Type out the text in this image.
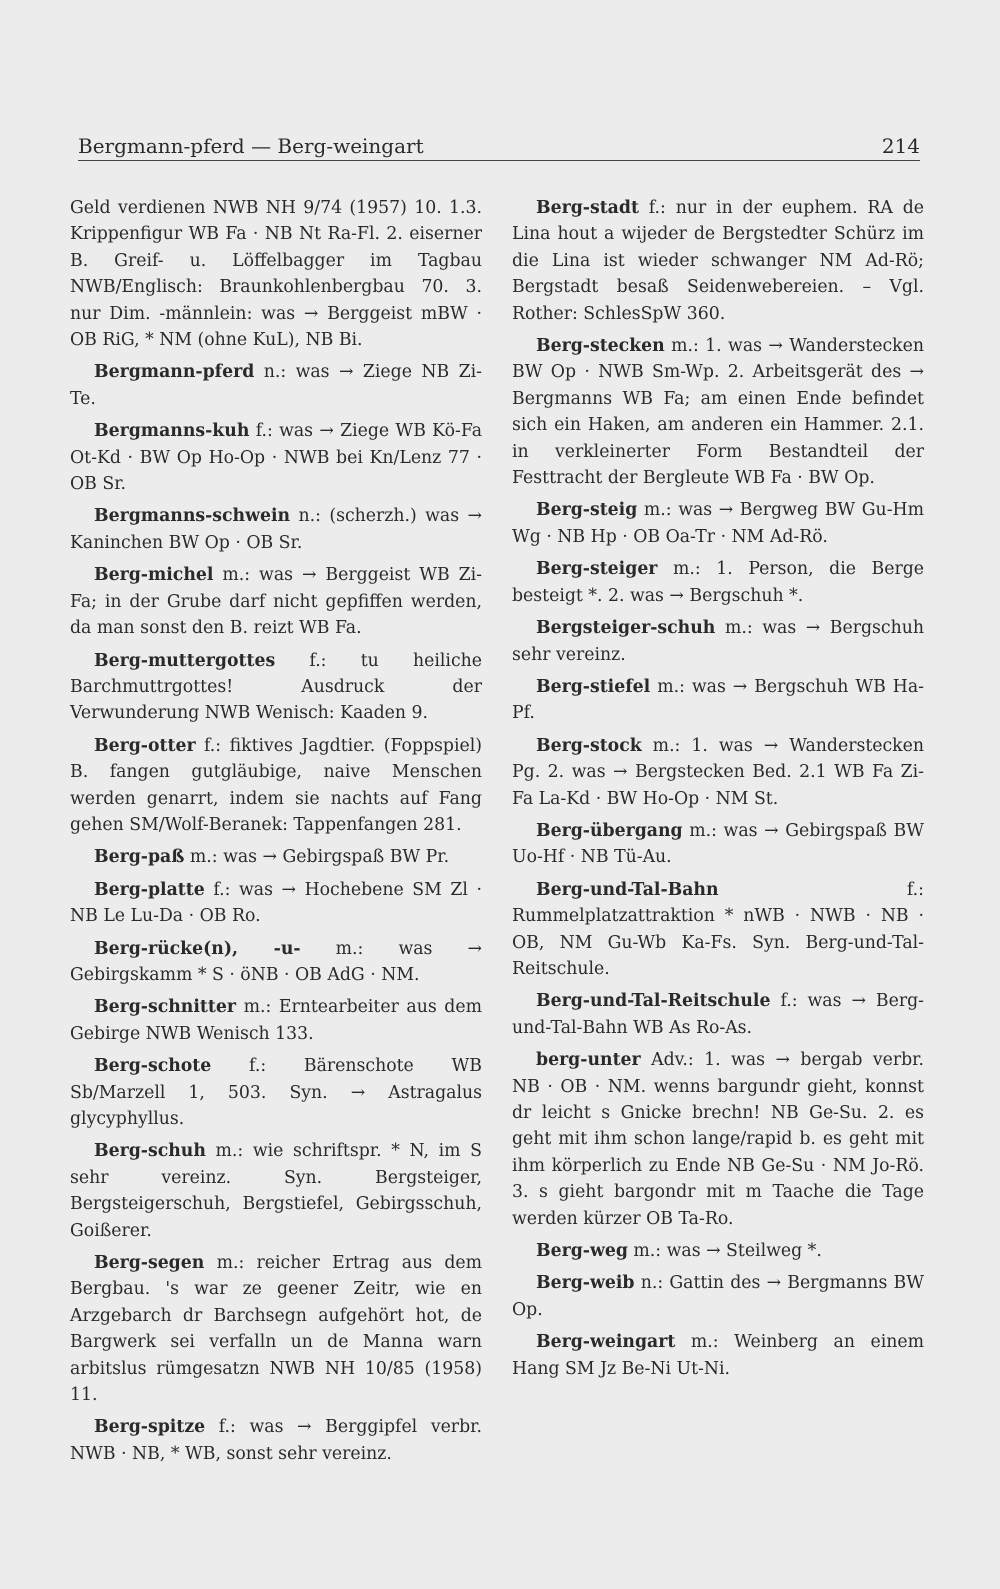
Bergmann-pferd — Berg-weingart	214

Geld verdienen NWB NH 9/74 (1957) 10. 1.3. Krippenfigur WB Fa · NB Nt Ra-Fl. 2. eiserner B. Greif- u. Löffelbagger im Tagbau NWB/Englisch: Braunkohlenbergbau 70. 3. nur Dim. -männlein: was → Berggeist mBW · OB RiG, * NM (ohne KuL), NB Bi.

Bergmann-pferd n.: was → Ziege NB Zi-Te.

Bergmanns-kuh f.: was → Ziege WB Kö-Fa Ot-Kd · BW Op Ho-Op · NWB bei Kn/Lenz 77 · OB Sr.

Bergmanns-schwein n.: (scherzh.) was → Kaninchen BW Op · OB Sr.

Berg-michel m.: was → Berggeist WB Zi-Fa; in der Grube darf nicht gepfiffen werden, da man sonst den B. reizt WB Fa.

Berg-muttergottes f.: tu heiliche Barchmuttrgottes! Ausdruck der Verwunderung NWB Wenisch: Kaaden 9.

Berg-otter f.: fiktives Jagdtier. (Foppspiel) B. fangen gutgläubige, naive Menschen werden genarrt, indem sie nachts auf Fang gehen SM/Wolf-Beranek: Tappenfangen 281.

Berg-paß m.: was → Gebirgspaß BW Pr.

Berg-platte f.: was → Hochebene SM Zl · NB Le Lu-Da · OB Ro.

Berg-rücke(n), -u- m.: was → Gebirgskamm * S · öNB · OB AdG · NM.

Berg-schnitter m.: Erntearbeiter aus dem Gebirge NWB Wenisch 133.

Berg-schote f.: Bärenschote WB Sb/Marzell 1, 503. Syn. → Astragalus glycyphyllus.

Berg-schuh m.: wie schriftspr. * N, im S sehr vereinz. Syn. Bergsteiger, Bergsteigerschuh, Bergstiefel, Gebirgsschuh, Goißerer.

Berg-segen m.: reicher Ertrag aus dem Bergbau. 's war ze geener Zeitr, wie en Arzgebarch dr Barchsegn aufgehört hot, de Bargwerk sei verfalln un de Manna warn arbitslus rümgesatzn NWB NH 10/85 (1958) 11.

Berg-spitze f.: was → Berggipfel verbr. NWB · NB, * WB, sonst sehr vereinz.

Berg-stadt f.: nur in der euphem. RA de Lina hout a wijeder de Bergstedter Schürz im die Lina ist wieder schwanger NM Ad-Rö; Bergstadt besaß Seidenwebereien. – Vgl. Rother: SchlesSpW 360.

Berg-stecken m.: 1. was → Wanderstecken BW Op · NWB Sm-Wp. 2. Arbeitsgerät des → Bergmanns WB Fa; am einen Ende befindet sich ein Haken, am anderen ein Hammer. 2.1. in verkleinerter Form Bestandteil der Festtracht der Bergleute WB Fa · BW Op.

Berg-steig m.: was → Bergweg BW Gu-Hm Wg · NB Hp · OB Oa-Tr · NM Ad-Rö.

Berg-steiger m.: 1. Person, die Berge besteigt *. 2. was → Bergschuh *.

Bergsteiger-schuh m.: was → Bergschuh sehr vereinz.

Berg-stiefel m.: was → Bergschuh WB Ha-Pf.

Berg-stock m.: 1. was → Wanderstecken Pg. 2. was → Bergstecken Bed. 2.1 WB Fa Zi-Fa La-Kd · BW Ho-Op · NM St.

Berg-übergang m.: was → Gebirgspaß BW Uo-Hf · NB Tü-Au.

Berg-und-Tal-Bahn f.: Rummelplatzattraktion * nWB · NWB · NB · OB, NM Gu-Wb Ka-Fs. Syn. Berg-und-Tal-Reitschule.

Berg-und-Tal-Reitschule f.: was → Berg-und-Tal-Bahn WB As Ro-As.

berg-unter Adv.: 1. was → bergab verbr. NB · OB · NM. wenns bargundr gieht, konnst dr leicht s Gnicke brechn! NB Ge-Su. 2. es geht mit ihm schon lange/rapid b. es geht mit ihm körperlich zu Ende NB Ge-Su · NM Jo-Rö. 3. s gieht bargondr mit m Taache die Tage werden kürzer OB Ta-Ro.

Berg-weg m.: was → Steilweg *.

Berg-weib n.: Gattin des → Bergmanns BW Op.

Berg-weingart m.: Weinberg an einem Hang SM Jz Be-Ni Ut-Ni.
